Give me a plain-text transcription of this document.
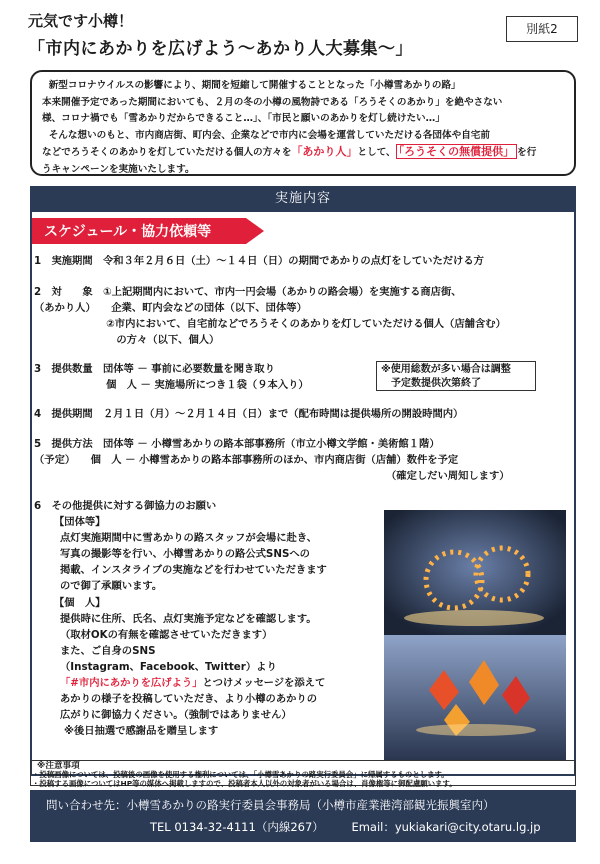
別紙2
元気です小樽！
「市内にあかりを広げよう～あかり人大募集～」

新型コロナウイルスの影響により、期間を短縮して開催することとなった「小樽雪あかりの路」

本来開催予定であった期間においても、２月の冬の小樽の風物詩である「ろうそくのあかり」を絶やさない

様、コロナ禍でも「雪あかりだからできること…」、「市民と願いのあかりを灯し続けたい…」

そんな想いのもと、市内商店街、町内会、企業などで市内に会場を運営していただける各団体や自宅前

などでろうそくのあかりを灯していただける個人の方々を「あかり人」として、 「ろうそくの無償提供」 を行

うキャンペーンを実施いたします。

実施内容
スケジュール・協力依頼等
1　実施期間　令和３年２月６日（土）～１４日（日）の期間であかりの点灯をしていただける方
2　対　　象　①上記期間内において、市内一円会場（あかりの路会場）を実施する商店街、
（あかり人）　　企業、町内会などの団体（以下、団体等）
　　　　　　　②市内において、自宅前などでろうそくのあかりを灯していただける個人（店舗含む）
　　　　　　　　の方々（以下、個人）
3　提供数量　団体等 － 事前に必要数量を聞き取り
　　　　　　　個　人 － 実施場所につき１袋（９本入り）
※使用総数が多い場合は調整
　予定数提供次第終了
4　提供期間　２月１日（月）～２月１４日（日）まで（配布時間は提供場所の開設時間内）
5　提供方法　団体等 － 小樽雪あかりの路本部事務所（市立小樽文学館・美術館１階）
（予定）　　個　人 － 小樽雪あかりの路本部事務所のほか、市内商店街（店舗）数件を予定
（確定しだい周知します）
6　その他提供に対する御協力のお願い
【団体等】
点灯実施期間中に雪あかりの路スタッフが会場に赴き、
写真の撮影等を行い、小樽雪あかりの路公式SNSへの
掲載、インスタライブの実施などを行わせていただきます
ので御了承願います。
【個　人】
提供時に住所、氏名、点灯実施予定などを確認します。
（取材OKの有無を確認させていただきます）
また、ご自身のSNS
（Instagram、Facebook、Twitter）より
「#市内にあかりを広げよう」とつけメッセージを添えて
あかりの様子を投稿していただき、より小樽のあかりの
広がりに御協力ください。（強制ではありません）
※後日抽選で感謝品を贈呈します
※注意事項
・投稿画像については、投稿後の画像を使用する権利については、「小樽雪あかりの路実行委員会」に帰属するものとします。
・投稿する画像についてはHP等の媒体へ掲載しますので、投稿者本人以外の対象者がいる場合は、肖像権等に御配慮願います。
問い合わせ先：小樽雪あかりの路実行委員会事務局（小樽市産業港湾部観光振興室内）
TEL 0134-32-4111（内線267） Email：yukiakari@city.otaru.lg.jp
